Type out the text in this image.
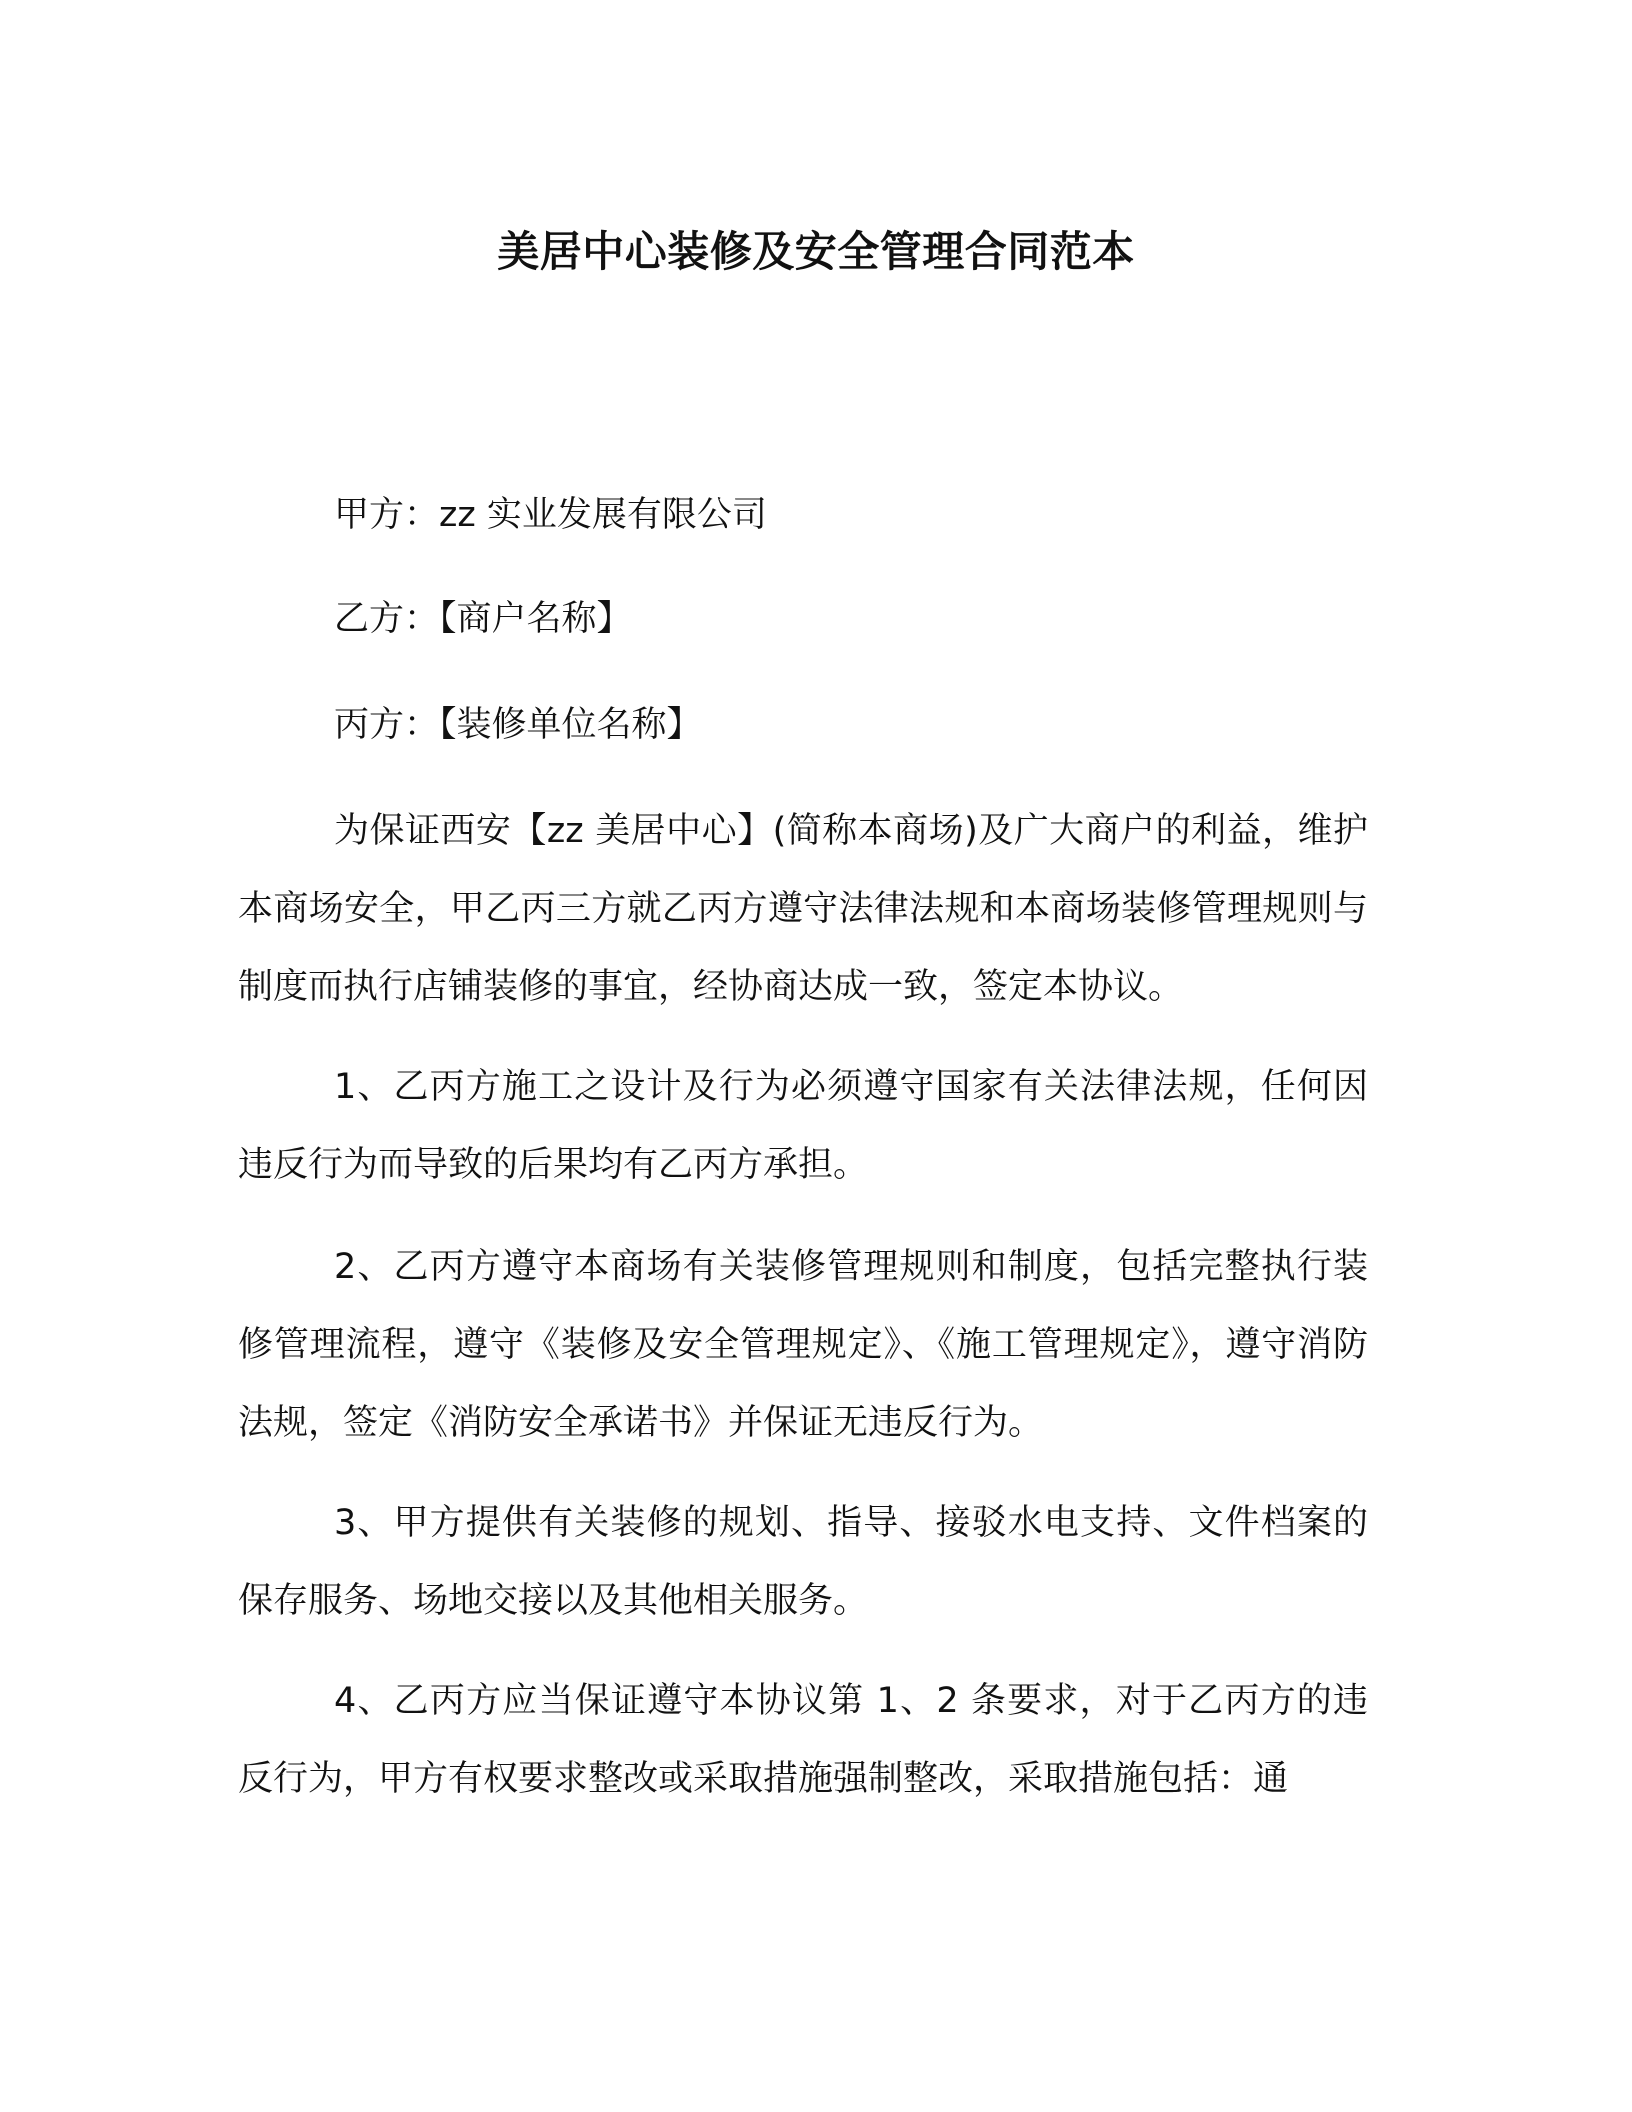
美居中心装修及安全管理合同范本
甲方：zz 实业发展有限公司
乙方：【商户名称】
丙方：【装修单位名称】

为保证西安【zz 美居中心】(简称本商场)及广大商户的利益，维护本商场安全，甲乙丙三方就乙丙方遵守法律法规和本商场装修管理规则与制度而执行店铺装修的事宜，经协商达成一致，签定本协议。

1、乙丙方施工之设计及行为必须遵守国家有关法律法规，任何因违反行为而导致的后果均有乙丙方承担。

2、乙丙方遵守本商场有关装修管理规则和制度，包括完整执行装修管理流程，遵守《装修及安全管理规定》、《施工管理规定》，遵守消防法规，签定《消防安全承诺书》并保证无违反行为。

3、甲方提供有关装修的规划、指导、接驳水电支持、文件档案的保存服务、场地交接以及其他相关服务。

4、乙丙方应当保证遵守本协议第 1、2 条要求，对于乙丙方的违反行为，甲方有权要求整改或采取措施强制整改，采取措施包括：通
